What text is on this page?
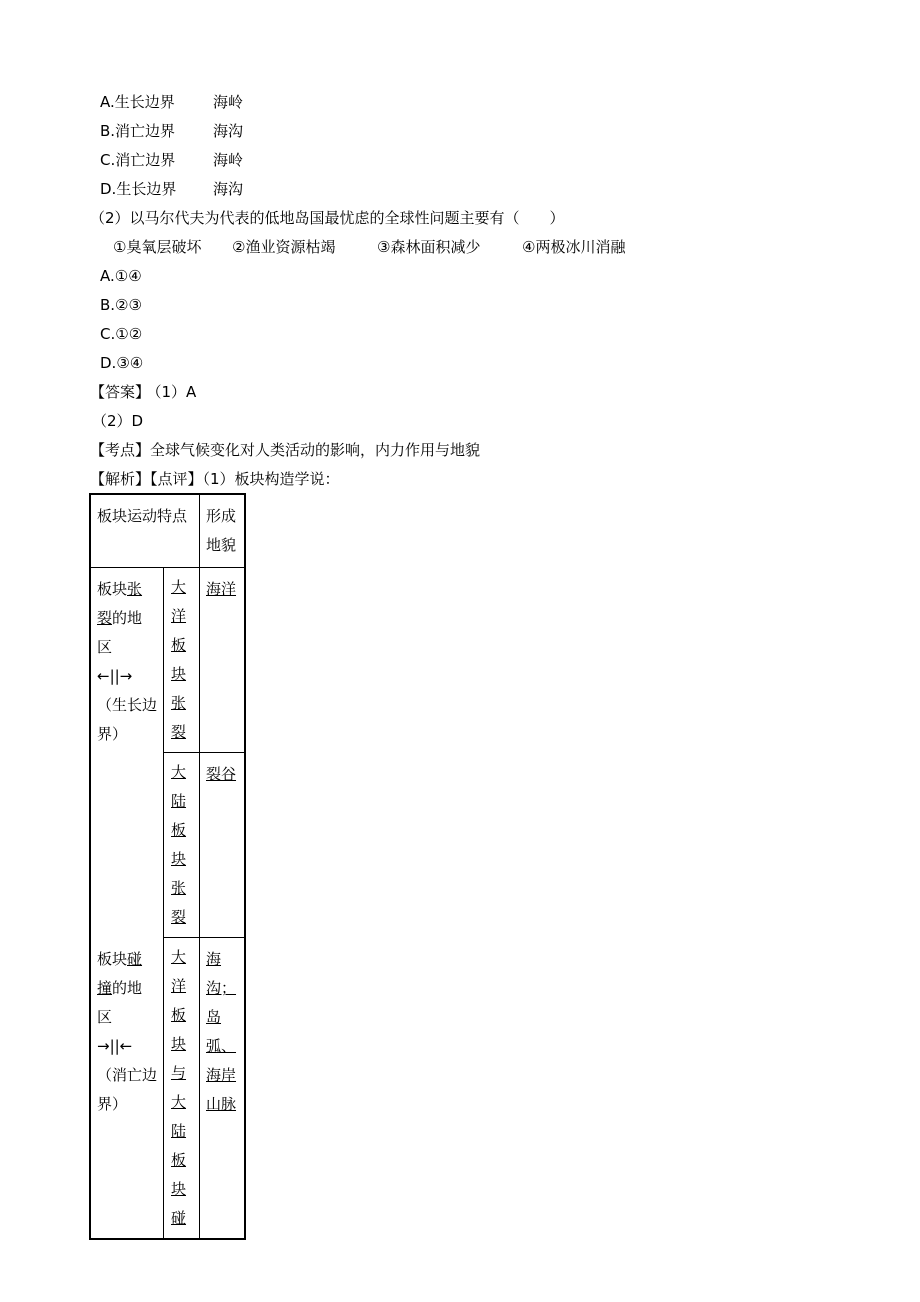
A.生长边界	海岭
B.消亡边界	海沟
C.消亡边界	海岭
D.生长边界 海沟
（2）以马尔代夫为代表的低地岛国最忧虑的全球性问题主要有（　　）
①臭氧层破坏 ②渔业资源枯竭	③森林面积减少	④两极冰川消融
A.①④
B.②③
C.①②
D.③④
【答案】 （1）A
（2）D
【考点】全球气候变化对人类活动的影响，内力作用与地貌
【解析】【点评】（1）板块构造学说：
板块运动特点		形成地貌

板块张裂的地区
←||→
（生长边界）	大洋板块张裂	海洋
	大陆板块张裂	裂谷

板块碰撞的地区
→||←
（消亡边界）	大洋板块与大陆板块碰	海沟；岛弧、海岸山脉
